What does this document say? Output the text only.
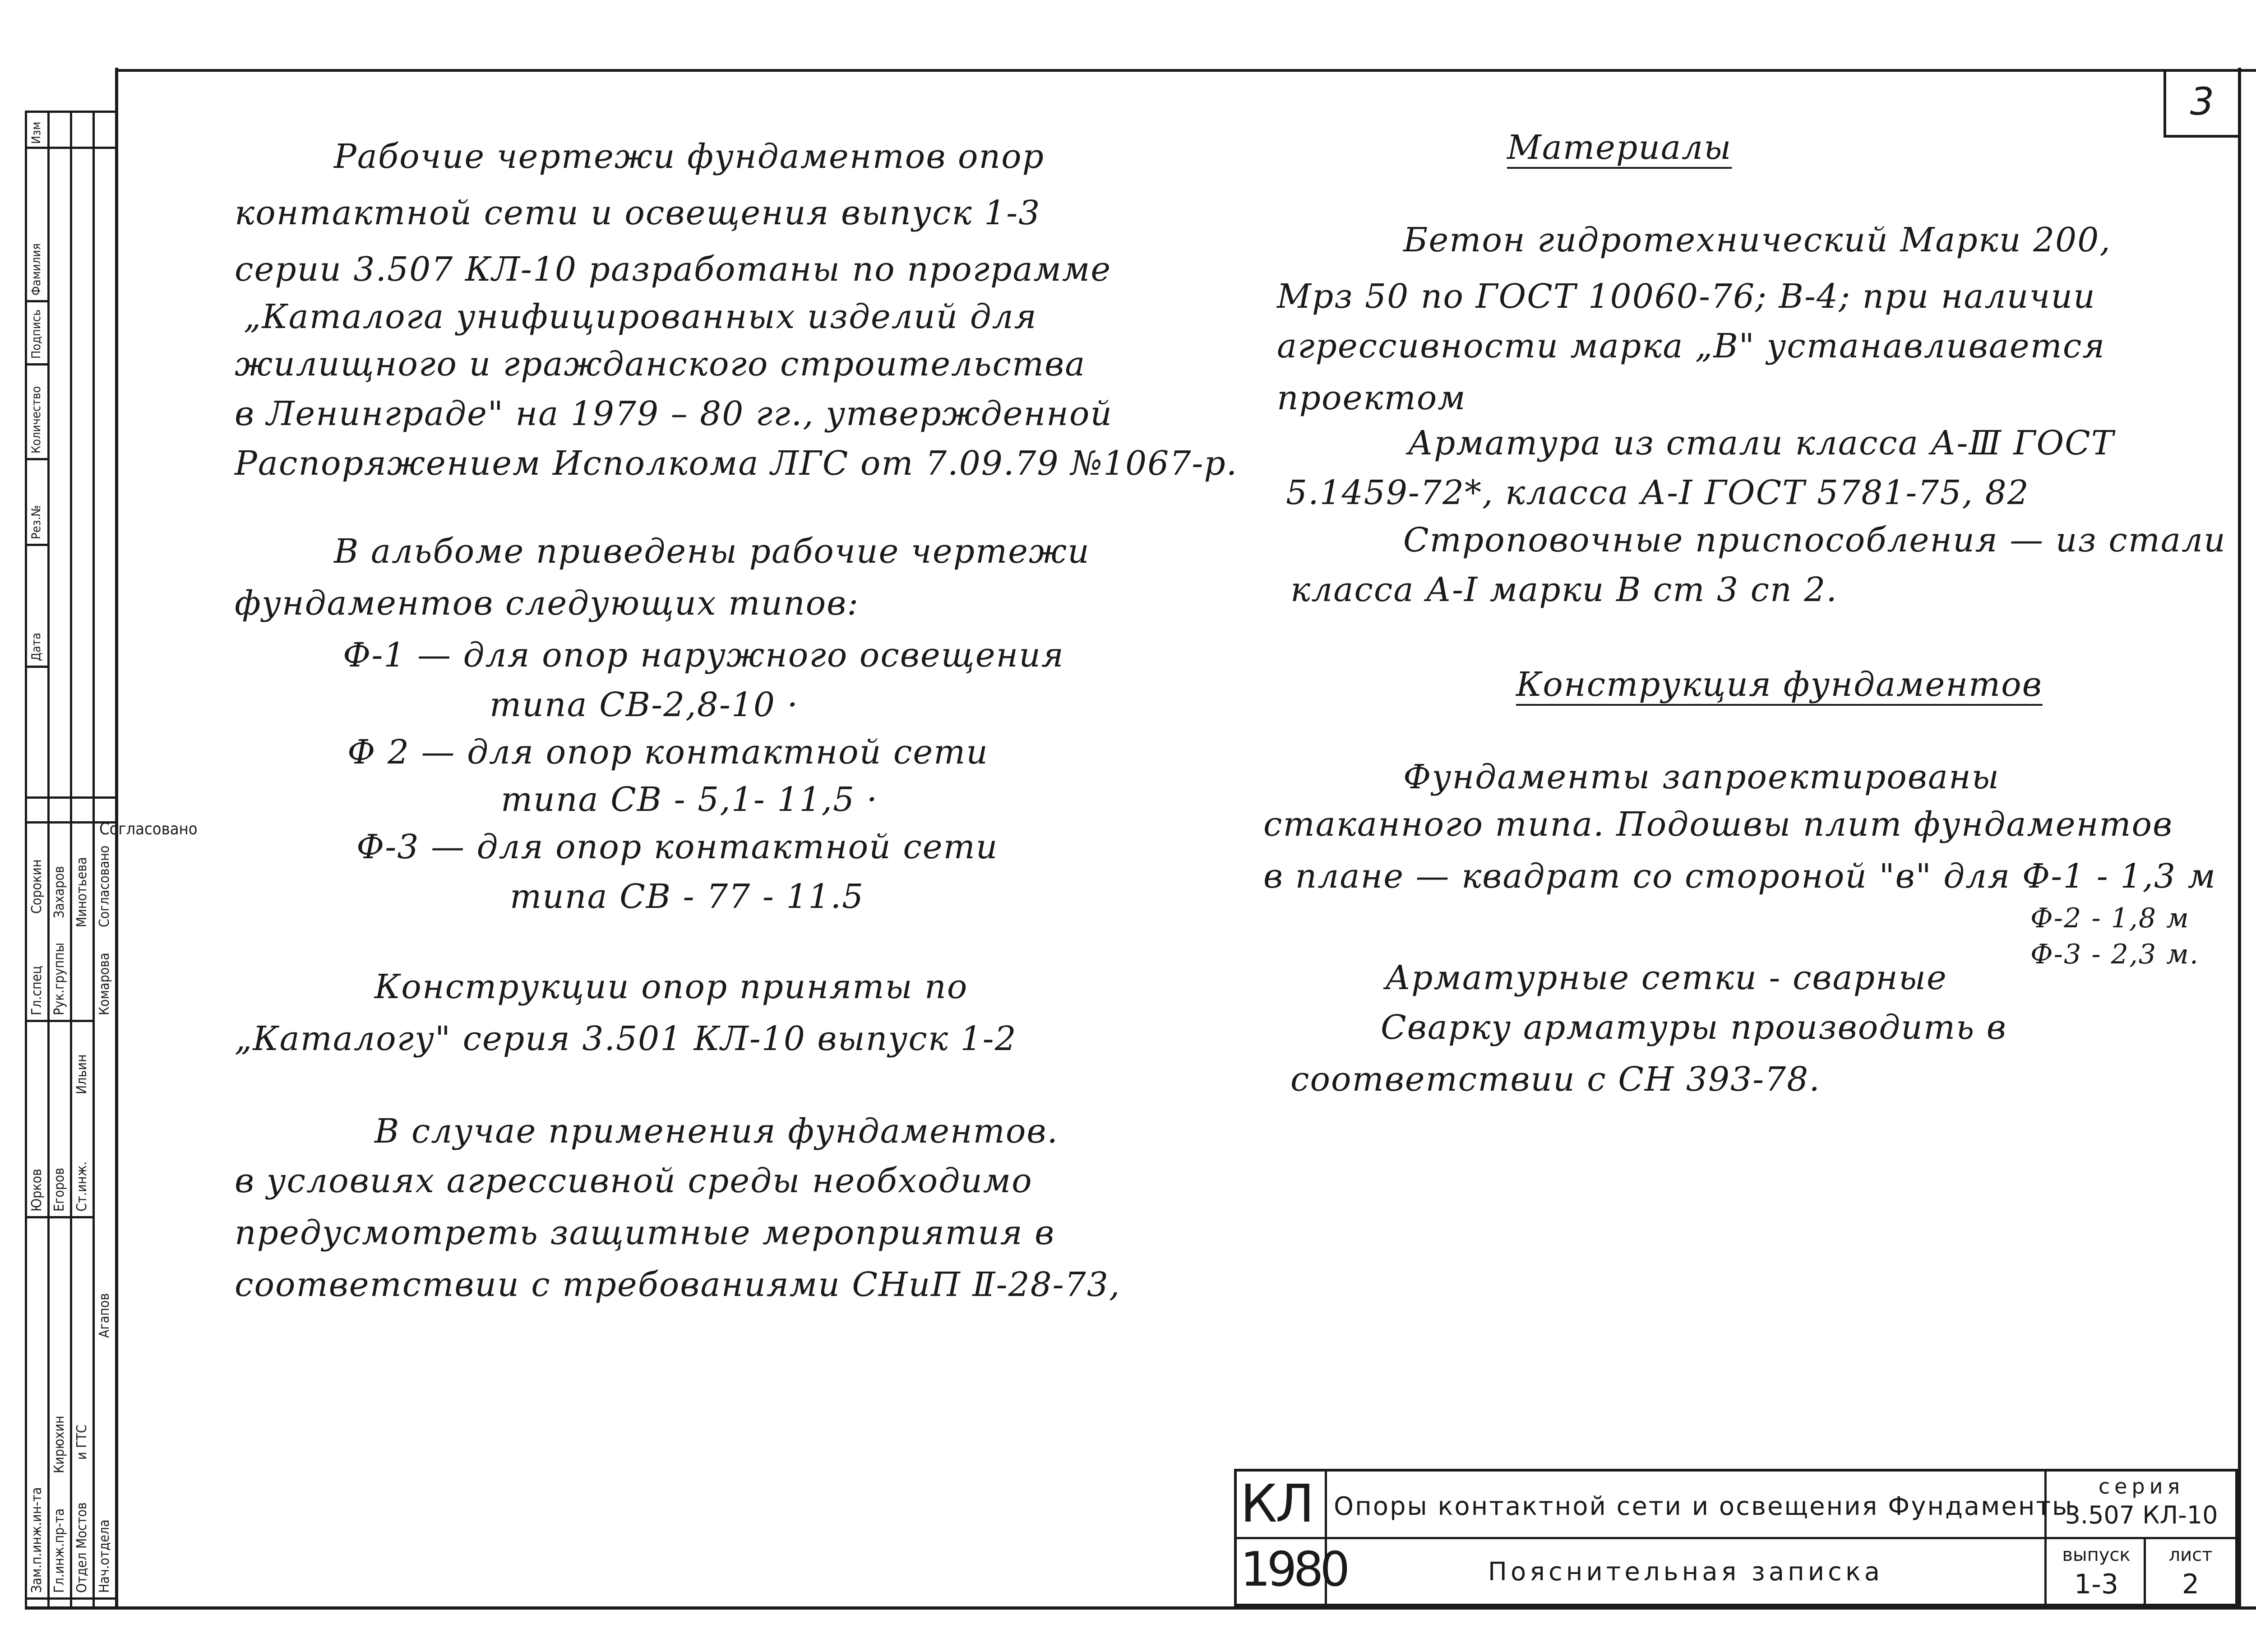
3
Дата
Рез.№
Количество
Подпись
Фамилия
Изм
Согласовано
Зам.п.инж.ин-та
Юрков
Гл.спец
Сорокин Захаров
Гл.инж.пр-та
Кирюхин
Егоров
Рук.группы
Минотьева Согласовано
Отдел Мостов
и ГТС
Ст.инж.
Ильин
Комарова
Нач.отдела
Агапов
Рабочие чертежи фундаментов опор
контактной сети и освещения выпуск 1-3
серии 3.507 КЛ-10 разработаны по программе
„Каталога унифицированных изделий для
жилищного и гражданского строительства
в Ленинграде" на 1979 – 80 гг., утвержденной
Распоряжением Исполкома ЛГС от 7.09.79 №1067-р.
В альбоме приведены рабочие чертежи
фундаментов следующих типов:
Ф-1 — для опор наружного освещения
типа СВ-2,8-10 ·
Ф 2 — для опор контактной сети
типа СВ - 5,1- 11,5 ·
Ф-3 — для опор контактной сети
типа СВ - 77 - 11.5
Конструкции опор приняты по
„Каталогу" серия 3.501 КЛ-10 выпуск 1-2
В случае применения фундаментов.
в условиях агрессивной среды необходимо
предусмотреть защитные мероприятия в
соответствии с требованиями СНиП Ⅱ-28-73,
Материалы
Бетон гидротехнический Марки 200,
Мрз 50 по ГОСТ 10060-76; В-4; при наличии
агрессивности марка „В" устанавливается
проектом
Арматура из стали класса А-Ⅲ ГОСТ
5.1459-72*, класса А-I ГОСТ 5781-75, 82
Строповочные приспособления — из стали
класса А-I марки В ст 3 сп 2.
Конструкция фундаментов
Фундаменты запроектированы
стаканного типа. Подошвы плит фундаментов
в плане — квадрат со стороной "в" для Ф-1 - 1,3 м
Ф-2 - 1,8 м
Ф-3 - 2,3 м.
Арматурные сетки - сварные
Сварку арматуры производить в
соответствии с СН 393-78.
КЛ
1980
Опоры контактной сети и освещения Фундаменты
Пояснительная записка
серия
3.507 КЛ-10
выпуск
1-3
лист
2
